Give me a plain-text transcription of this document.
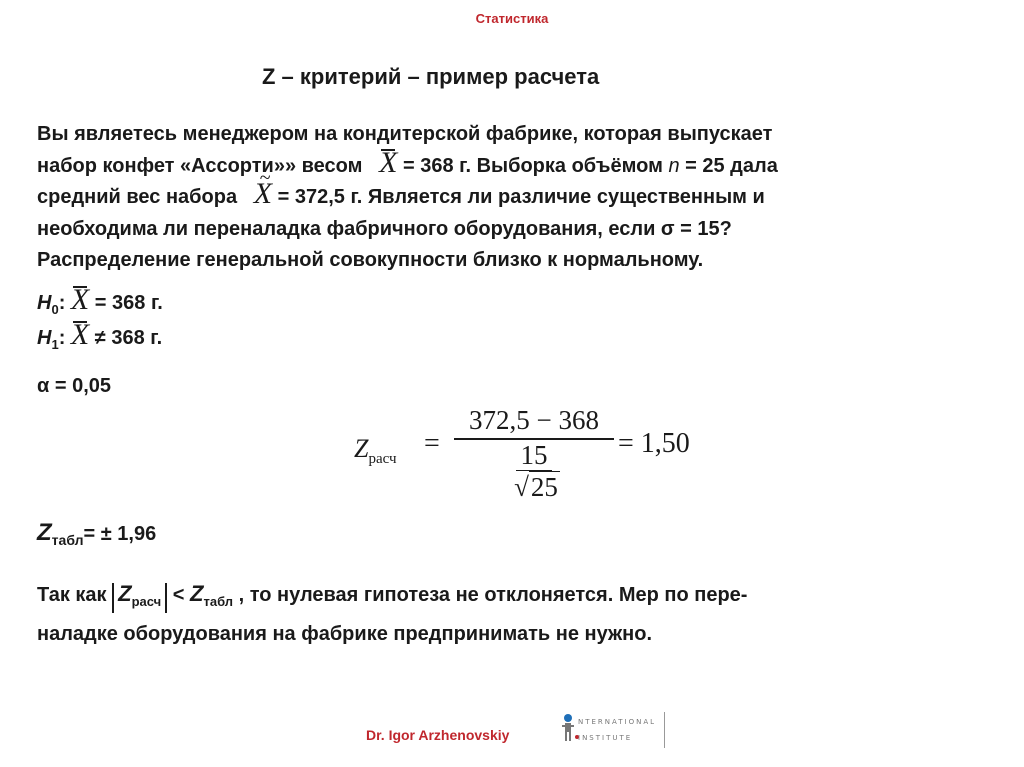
Статистика
Z – критерий – пример расчета
Вы являетесь менеджером на кондитерской фабрике, которая выпускает
набор конфет «Ассорти»» весом X = 368 г. Выборка объёмом n = 25 дала
средний вес набора   ~ X = 372,5 г. Является ли различие существенным и
необходима ли переналадка фабричного оборудования, если σ = 15?
Распределение генеральной совокупности близко к нормальному.
$H_0$: X = 368 г.
$H_1$: X ≠ 368 г.
α = 0,05
$Z_{расч}$
=
372,5 − 368
15
√25
= 1,50
$Z_{табл}= \pm 1,96$
Так как $Z_{расч} < Z_{табл}$ , то нулевая гипотеза не отклоняется. Мер по пере-
наладке оборудования на фабрике предпринимать не нужно.
Dr. Igor Arzhenovskiy
NTERNATIONAL
INSTITUTE
